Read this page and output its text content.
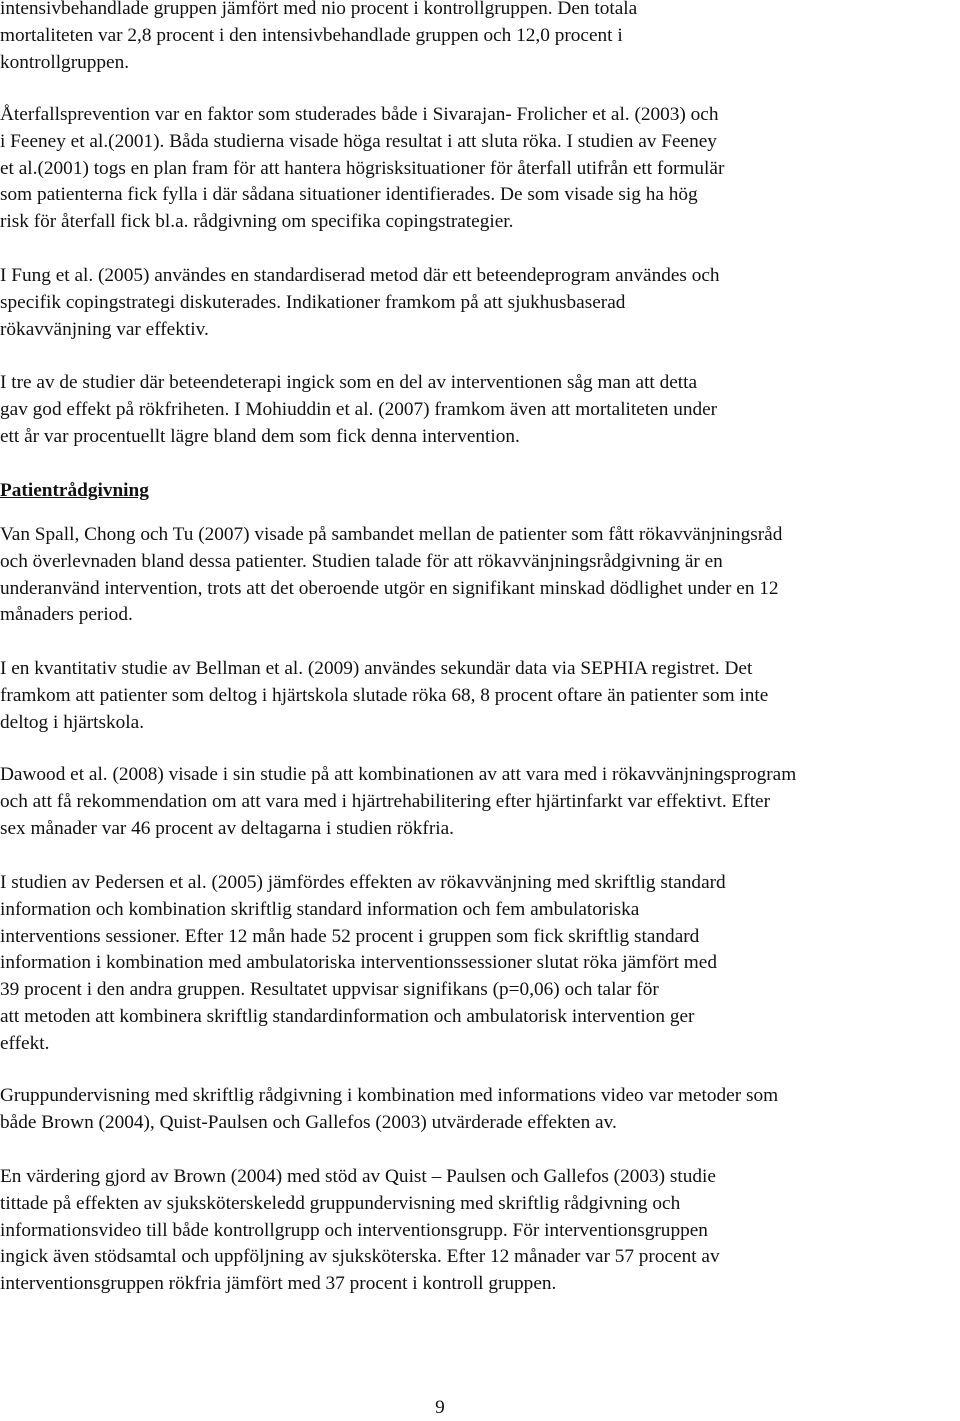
intensivbehandlade gruppen jämfört med nio procent i kontrollgruppen. Den totala
mortaliteten var 2,8 procent i den intensivbehandlade gruppen och 12,0 procent i
kontrollgruppen.
Återfallsprevention var en faktor som studerades både i Sivarajan- Frolicher et al. (2003) och
i Feeney et al.(2001). Båda studierna visade höga resultat i att sluta röka. I studien av Feeney
et al.(2001) togs en plan fram för att hantera högrisksituationer för återfall utifrån ett formulär
som patienterna fick fylla i där sådana situationer identifierades. De som visade sig ha hög
risk för återfall fick bl.a. rådgivning om specifika copingstrategier.
I Fung et al. (2005) användes en standardiserad metod där ett beteendeprogram användes och
specifik copingstrategi diskuterades. Indikationer framkom på att sjukhusbaserad
rökavvänjning var effektiv.
I tre av de studier där beteendeterapi ingick som en del av interventionen såg man att detta
gav god effekt på rökfriheten. I Mohiuddin et al. (2007) framkom även att mortaliteten under
ett år var procentuellt lägre bland dem som fick denna intervention.
Patientrådgivning
Van Spall, Chong och Tu (2007) visade på sambandet mellan de patienter som fått rökavvänjningsråd
och överlevnaden bland dessa patienter. Studien talade för att rökavvänjningsrådgivning är en
underanvänd intervention, trots att det oberoende utgör en signifikant minskad dödlighet under en 12
månaders period.
I en kvantitativ studie av Bellman et al. (2009) användes sekundär data via SEPHIA registret. Det
framkom att patienter som deltog i hjärtskola slutade röka 68, 8 procent oftare än patienter som inte
deltog i hjärtskola.
Dawood et al. (2008) visade i sin studie på att kombinationen av att vara med i rökavvänjningsprogram
och att få rekommendation om att vara med i hjärtrehabilitering efter hjärtinfarkt var effektivt. Efter
sex månader var 46 procent av deltagarna i studien rökfria.
I studien av Pedersen et al. (2005) jämfördes effekten av rökavvänjning med skriftlig standard
information och kombination skriftlig standard information och fem ambulatoriska
interventions sessioner. Efter 12 mån hade 52 procent i gruppen som fick skriftlig standard
information i kombination med ambulatoriska interventionssessioner slutat röka jämfört med
39 procent i den andra gruppen. Resultatet uppvisar signifikans (p=0,06) och talar för
att metoden att kombinera skriftlig standardinformation och ambulatorisk intervention ger
effekt.
Gruppundervisning med skriftlig rådgivning i kombination med informations video var metoder som
både Brown (2004), Quist-Paulsen och Gallefos (2003) utvärderade effekten av.
En värdering gjord av Brown (2004) med stöd av Quist – Paulsen och Gallefos (2003) studie
tittade på effekten av sjuksköterskeledd gruppundervisning med skriftlig rådgivning och
informationsvideo till både kontrollgrupp och interventionsgrupp. För interventionsgruppen
ingick även stödsamtal och uppföljning av sjuksköterska. Efter 12 månader var 57 procent av
interventionsgruppen rökfria jämfört med 37 procent i kontroll gruppen.
9
